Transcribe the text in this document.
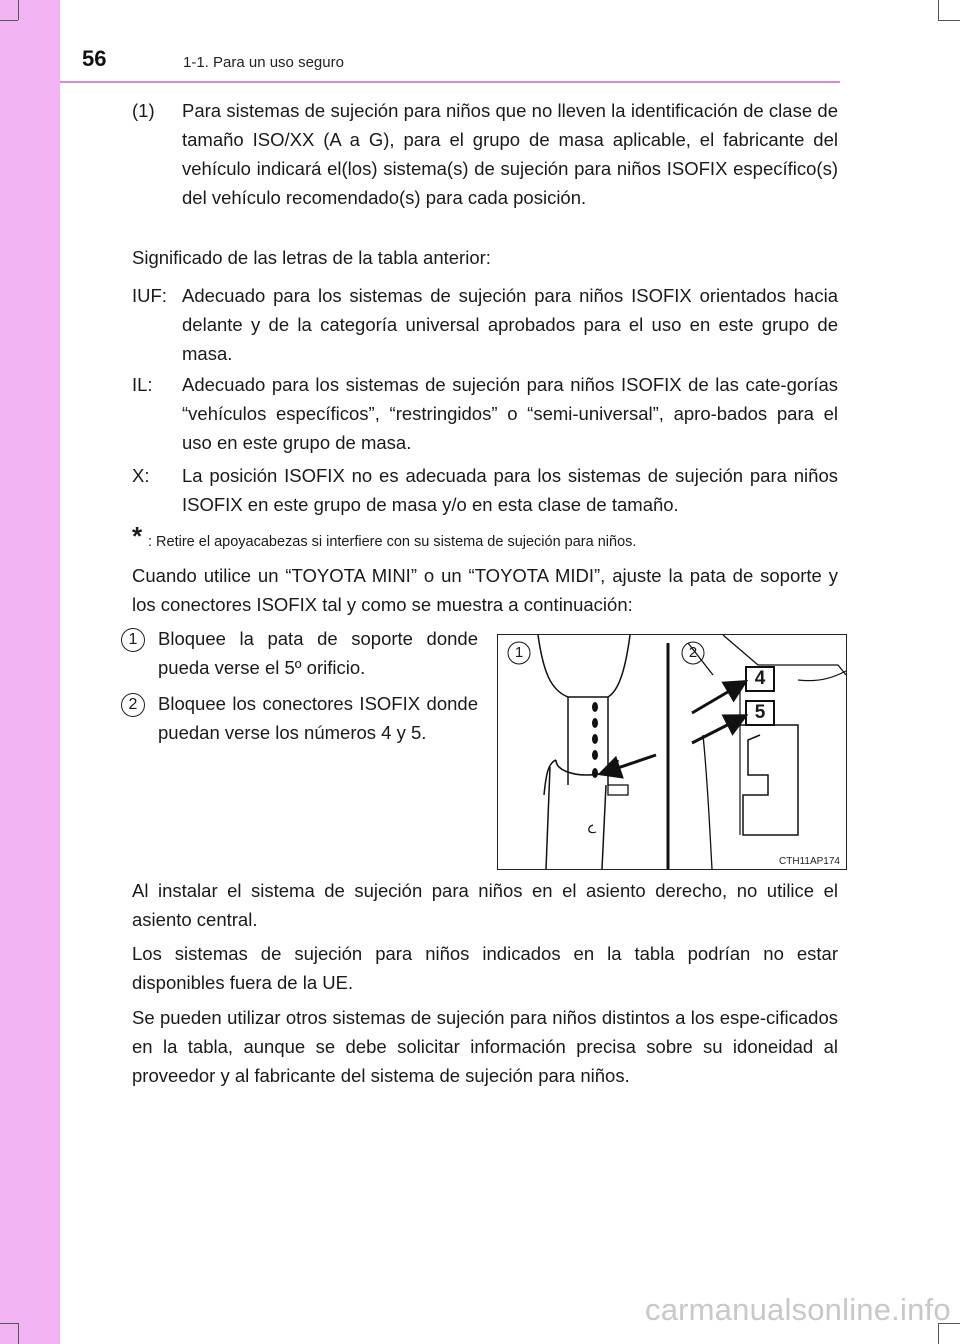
56	1-1. Para un uso seguro
(1) Para sistemas de sujeción para niños que no lleven la identificación de clase de tamaño ISO/XX (A a G), para el grupo de masa aplicable, el fabricante del vehículo indicará el(los) sistema(s) de sujeción para niños ISOFIX específico(s) del vehículo recomendado(s) para cada posición.
Significado de las letras de la tabla anterior:
IUF: Adecuado para los sistemas de sujeción para niños ISOFIX orientados hacia delante y de la categoría universal aprobados para el uso en este grupo de masa.
IL: Adecuado para los sistemas de sujeción para niños ISOFIX de las cate-gorías “vehículos específicos”, “restringidos” o “semi-universal”, apro-bados para el uso en este grupo de masa.
X: La posición ISOFIX no es adecuada para los sistemas de sujeción para niños ISOFIX en este grupo de masa y/o en esta clase de tamaño.
* : Retire el apoyacabezas si interfiere con su sistema de sujeción para niños.
Cuando utilice un “TOYOTA MINI” o un “TOYOTA MIDI”, ajuste la pata de soporte y los conectores ISOFIX tal y como se muestra a continuación:
1	Bloquee la pata de soporte donde pueda verse el 5º orificio.
2	Bloquee los conectores ISOFIX donde puedan verse los números 4 y 5.
1	2
4
5
CTH11AP174
Al instalar el sistema de sujeción para niños en el asiento derecho, no utilice el asiento central.
Los sistemas de sujeción para niños indicados en la tabla podrían no estar disponibles fuera de la UE.
Se pueden utilizar otros sistemas de sujeción para niños distintos a los espe-cificados en la tabla, aunque se debe solicitar información precisa sobre su idoneidad al proveedor y al fabricante del sistema de sujeción para niños.
carmanualsonline.info
